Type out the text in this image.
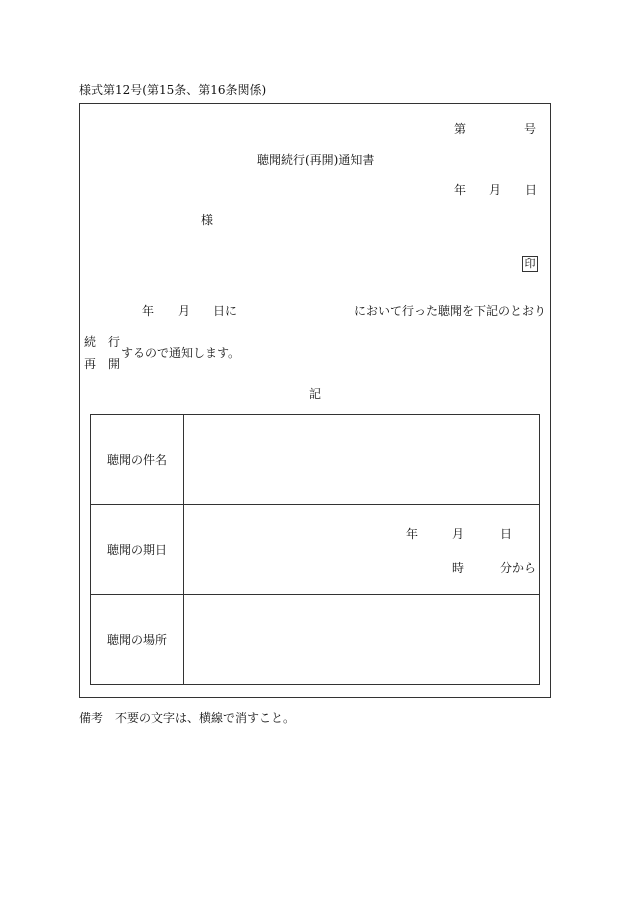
様式第12号(第15条、第16条関係)
第	号
聴聞続行(再開)通知書
年 月 日
様
印
年 月 日に	において行った聴聞を下記のとおり
続　行
再　開
するので通知します。
記
聴聞の件名	
聴聞の期日	年 月 日
時 分から

聴聞の場所	
備考　不要の文字は、横線で消すこと。
